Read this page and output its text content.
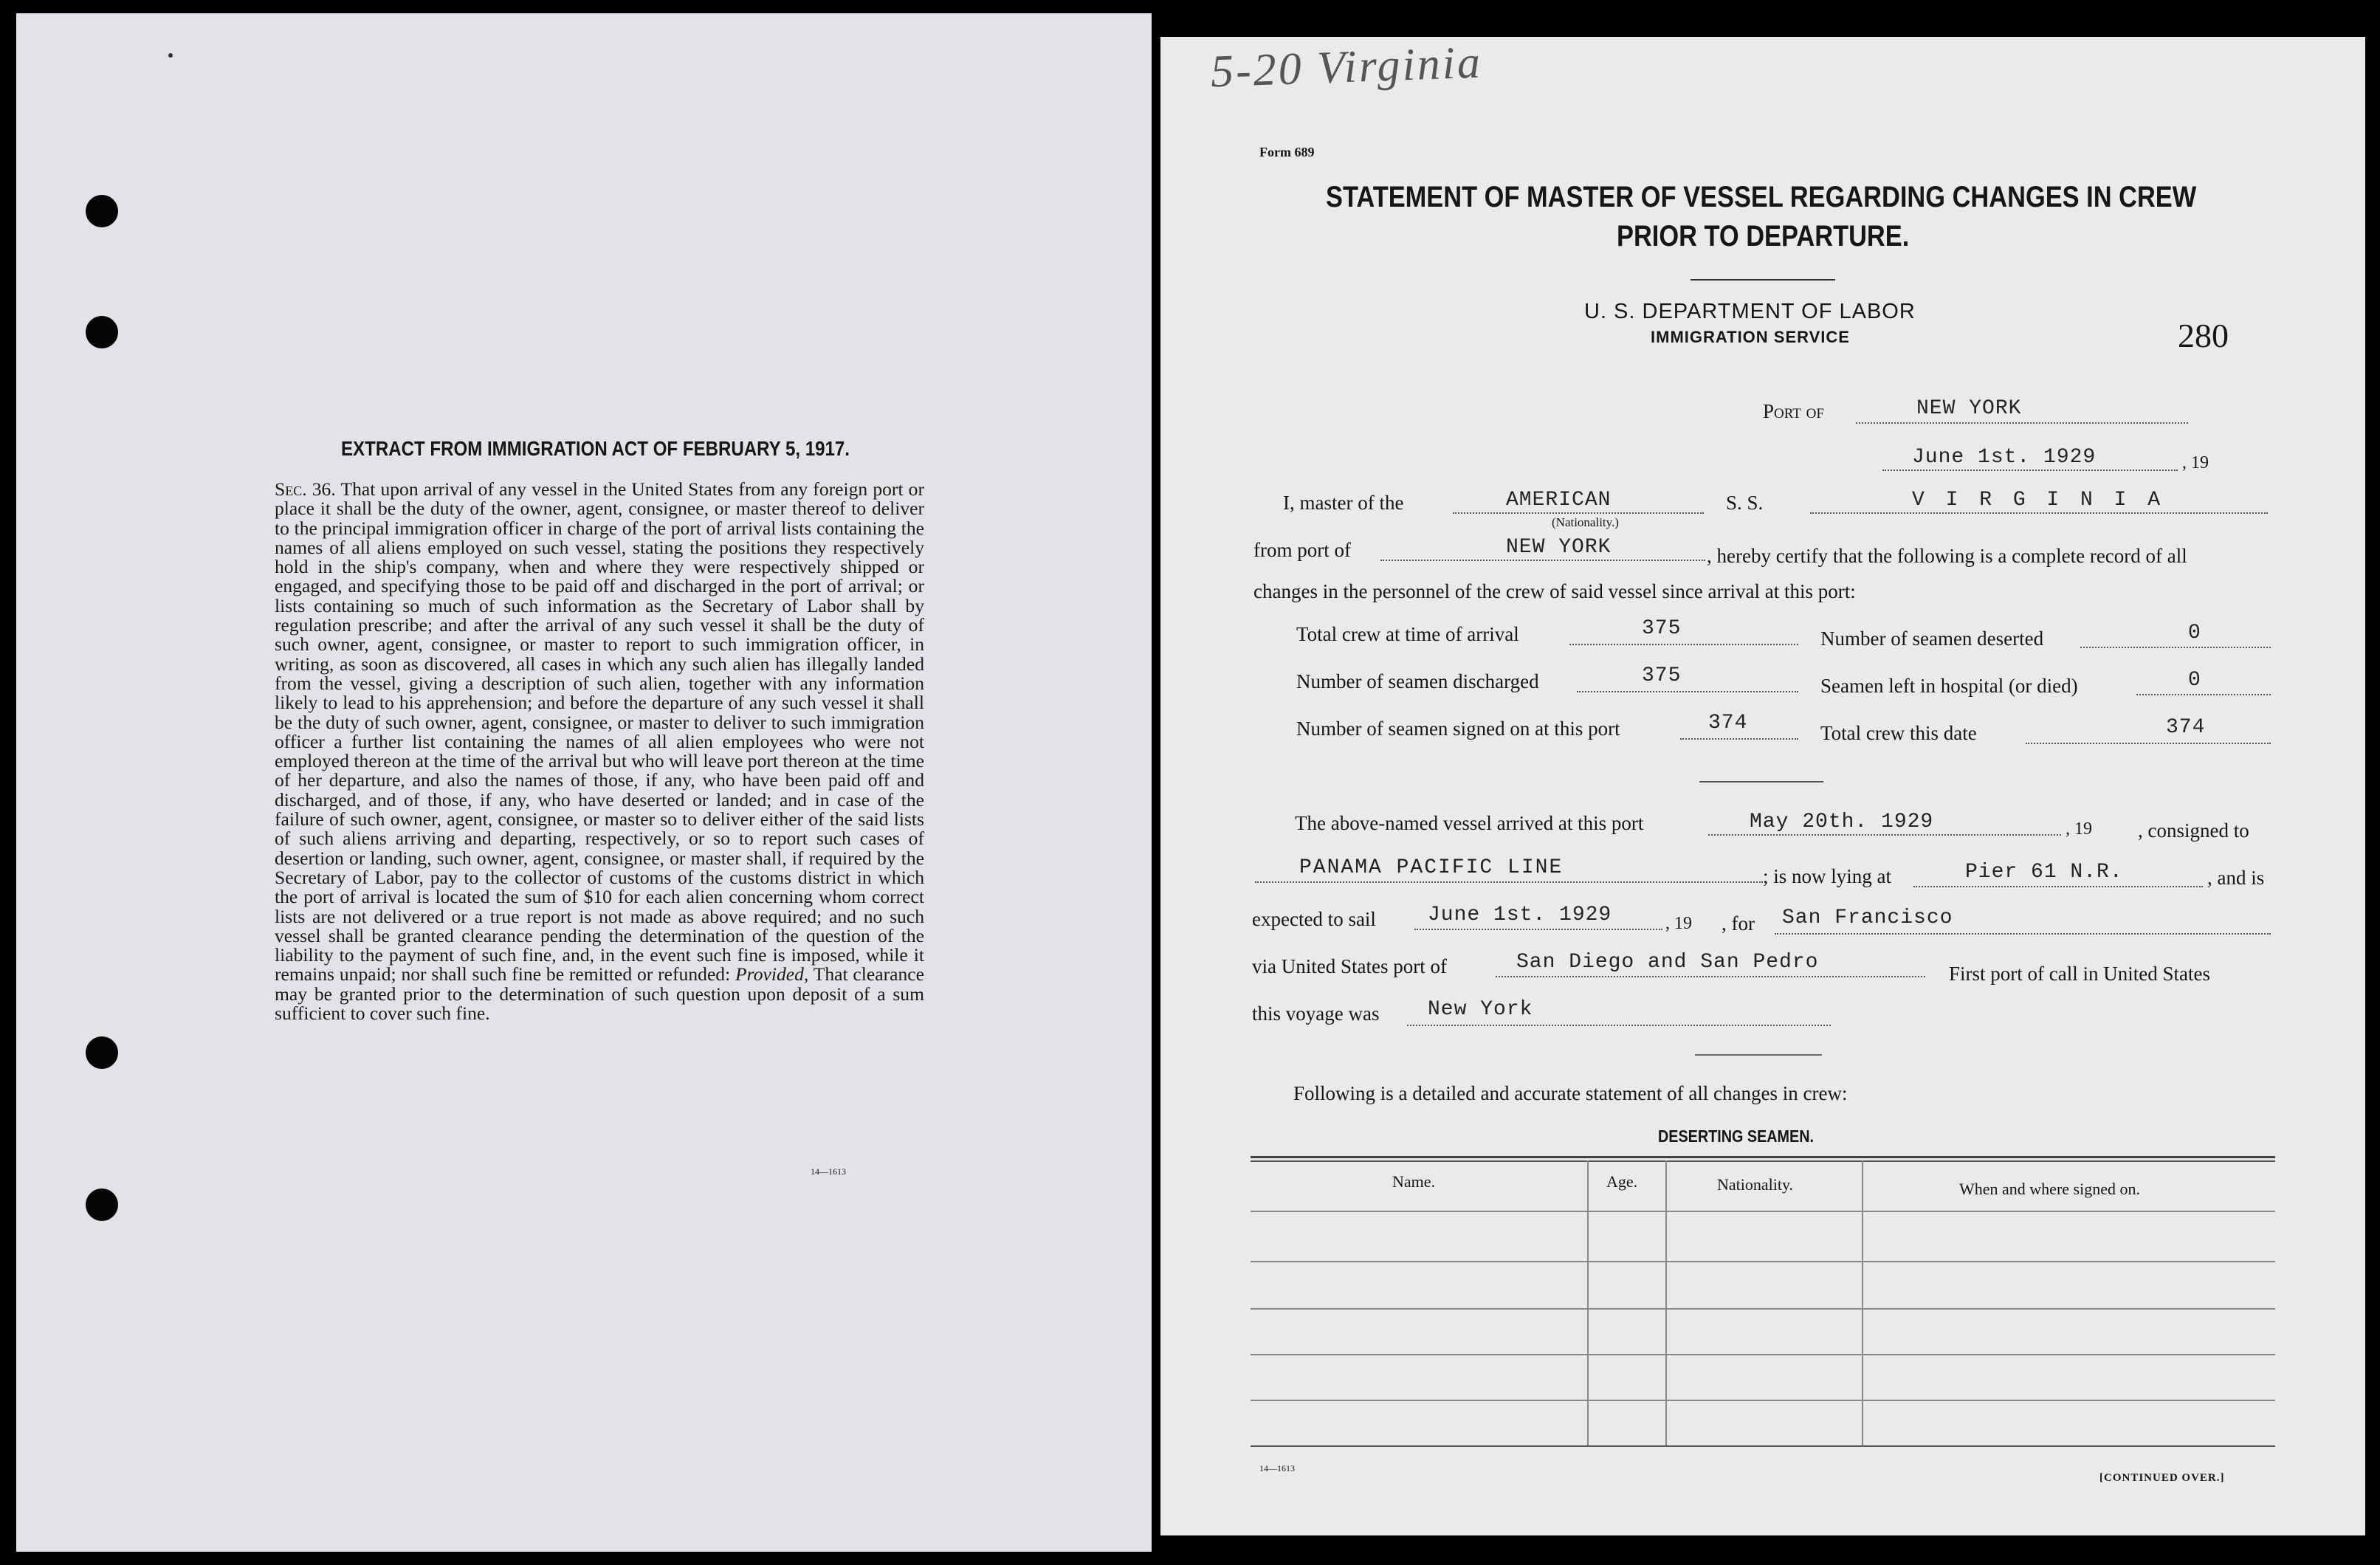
EXTRACT FROM IMMIGRATION ACT OF FEBRUARY 5, 1917.
Sec. 36. That upon arrival of any vessel in the United States from any foreign port or place it shall be the duty of the owner, agent, consignee, or master thereof to deliver to the principal immigration officer in charge of the port of arrival lists containing the names of all aliens employed on such vessel, stating the positions they respectively hold in the ship's company, when and where they were respectively shipped or engaged, and specifying those to be paid off and discharged in the port of arrival; or lists containing so much of such information as the Secretary of Labor shall by regulation prescribe; and after the arrival of any such vessel it shall be the duty of such owner, agent, consignee, or master to report to such immigration officer, in writing, as soon as discovered, all cases in which any such alien has illegally landed from the vessel, giving a description of such alien, together with any information likely to lead to his apprehension; and before the departure of any such vessel it shall be the duty of such owner, agent, consignee, or master to deliver to such immigration officer a further list containing the names of all alien employees who were not employed thereon at the time of the arrival but who will leave port thereon at the time of her departure, and also the names of those, if any, who have been paid off and discharged, and of those, if any, who have deserted or landed; and in case of the failure of such owner, agent, consignee, or master so to deliver either of the said lists of such aliens arriving and departing, respectively, or so to report such cases of desertion or landing, such owner, agent, consignee, or master shall, if required by the Secretary of Labor, pay to the collector of customs of the customs district in which the port of arrival is located the sum of $10 for each alien concerning whom correct lists are not delivered or a true report is not made as above required; and no such vessel shall be granted clearance pending the determination of the question of the liability to the payment of such fine, and, in the event such fine is imposed, while it remains unpaid; nor shall such fine be remitted or refunded: Provided, That clearance may be granted prior to the determination of such question upon deposit of a sum sufficient to cover such fine.
14—1613
5-20 Virginia
Form 689
STATEMENT OF MASTER OF VESSEL REGARDING CHANGES IN CREW
PRIOR TO DEPARTURE.
U. S. DEPARTMENT OF LABOR
IMMIGRATION SERVICE	280
Port of	NEW YORK
June 1st. 1929	, 19
I, master of the	AMERICAN
(Nationality.)
S. S.	V I R G I N I A
from port of	NEW YORK	, hereby certify that the following is a complete record of all
changes in the personnel of the crew of said vessel since arrival at this port:
Total crew at time of arrival	375	Number of seamen deserted	0
Number of seamen discharged	375	Seamen left in hospital (or died)	0
Number of seamen signed on at this port	374	Total crew this date	374
The above-named vessel arrived at this port	May 20th. 1929	, 19 , consigned to
PANAMA PACIFIC LINE	; is now lying at	Pier 61 N.R.	, and is
expected to sail	June 1st. 1929	, 19 , for San Francisco
via United States port of	San Diego and San Pedro	First port of call in United States
this voyage was New York
Following is a detailed and accurate statement of all changes in crew:
DESERTING SEAMEN.
Name.	Age.	Nationality.	When and where signed on.
14—1613
[CONTINUED OVER.]
